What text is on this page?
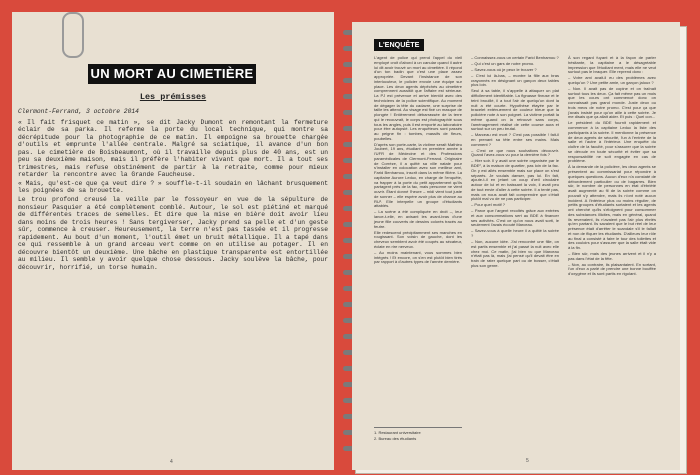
UN MORT AU CIMETIÈRE
Les prémisses

Clermont-Ferrand, 3 octobre 2014

« Il fait frisquet ce matin », se dit Jacky Dumont en remontant la fermeture éclair de sa parka. Il referme la porte du local technique, qui montre sa décrépitude pour la photographie de ce matin. Il empoigne sa brouette chargée d'outils et emprunte l'allée centrale. Malgré sa sciatique, il avance d'un bon pas. Le cimetière de Boisbeaumont, où il travaille depuis plus de 40 ans, est un peu sa deuxième maison, mais il préfère l'habiter vivant que mort. Il a tout ses trimestres, mais refuse obstinément de partir à la retraite, comme pour mieux retarder la rencontre avec la Grande Faucheuse.

« Mais, qu'est-ce que ça veut dire ? » souffle-t-il soudain en lâchant brusquement les poignées de sa brouette.

Le trou profond creusé la veille par le fossoyeur en vue de la sépulture de monsieur Pasquier a été complètement comblé. Autour, le sol est piétiné et marqué de différentes traces de semelles. Et dire que la mise en bière doit avoir lieu dans moins de trois heures ! Sans tergiverser, Jacky prend sa pelle et d'un geste sûr, commence à creuser. Heureusement, la terre n'est pas tassée et il progresse rapidement. Au bout d'un moment, l'outil émet un bruit métallique. Il a tapé dans ce qui ressemble à un grand arceau vert comme on en utilise au potager. Il en découvre bientôt un deuxième. Une bâche en plastique transparente est entortillée au milieu. Il semble y avoir quelque chose dessous. Jacky soulève la bâche, pour découvrir, horrifié, un torse humain.

4
L'ENQUÊTE

L'agent de police qui prend l'appel du vieil employé croit d'abord à un canular quand il autre lui dit avoir trouvé un mort au cimetière. Il répond d'un ton badin que c'est une place assez appropriée. Devant l'insistance de son interlocuteur, le policier envoie une équipe sur place. Les deux agents dépêchés au cimetière comprennent aussitôt que l'affaire est sérieuse. La PJ est prévenue et arrive bientôt avec des techniciens de la police scientifique. Au moment de dégager la tête du cadavre, une surprise de taille les attend. Au visage est fixé un masque de plongée ! Entièrement débarrassée de la terre qui le recouvrait, le corps est photographié sous tous les angles, puis il est emporté au laboratoire pour être autopsié. Les enquêteurs sont passés au peigne fin : tombes, massifs de fleurs, poubelles.

D'après son porte-carte, la victime serait Mathieu Joubert, 19 ans, étudiant en première année à l'UFR de Médecine et des Professions paramédicales de Clermont-Ferrand. Originaire de Corrèze, il a quitté sa ville natale pour s'installer en colocation avec son meilleur ami, Farid Benhamou, inscrit dans la même filière. La capitaine Aurore Leduc, en charge de l'enquête, va frapper à la porte du petit appartement qu'ils partagent près de la fac, mais personne ne vient ouvrir. Étant donné l'heure – midi vient tout juste de sonner – elle espère avoir plus de chance au RU¹. Elle interpelle un groupe d'étudiants attablés.

– La scène a été compliquée en droit –, leur lance-t-elle, en avisant les avant-bras d'une jeune fille couverts de dessins colorés tracés au feutre.

Elle redescend précipitamment ses manches en rougissant. Son voisin de gauche, dont les cheveux semblent avoir été coupés au sécateur, éclate en rire nerveux.

– Au moins maintenant, vous sommes bien intégrés ! Et encore, on s'en est plutôt bien tirés par rapport à d'autres types de l'année dernière.

– Connaissez-vous un certain Farid Benhamou ?

– Qui c'est un gars de notre promo.

– Savez-vous où je peux le trouver ?

– C'est lui là-bas, – montre la fille aux bras crayonnés en désignant un garçon deux tables plus loin.

Seul à sa table, il s'appelle à attaquer un plat difficilement identifiable. La flgnasse finruse et le teint brouillé, il a tout l'air de quelqu'un dont la nuit a été courte. Hypothèse étayée par le bracelet exténuement de couleur bleue que la policière note à son poignet. La victime portait la même quand on la retrouvé sans corps, l'aménagement réalisé de cette course aura et surtout sur un peu brutal.

– Marceau est mort ? C'est pas possible ! fait-il en prenant sa tête entre ses mains. Mais comment ?

– C'est ce que nous souhaitons découvrir. Quand l'avez-vous vu pour la dernière fois ?

– Hier soir. Il y avait une soirée organisée par le BDE², à la maison de quartier, pas loin de la fac. On y est allés ensemble mais sur place on s'est séparés. Je voulais danser, pas lui. En fait, ajoute-t-il en jetant un coup d'œil circulaire autour de lui et en baissant la voix, il avait peu de tout envie d'aller à cette soirée. Il a tenté pas, mais on nous avait fait comprendre que c'était plutôt mal vu de ne pas participer.

– Pour quel motif ?

– Parce que l'argent recoltés grâce aux entrées et aux consommations sert au BDE à financer ses activités. C'est ce qu'on nous avait sorti, le seulement l'avais écouté Marceau.

– Savez-vous à quelle heure il a quitté la soirée ?

– Non, aucune idée. J'ai rencontré une fille, on est partis ensemble et j'ai passé la nuit avec elle chez moi. Ce matin, j'ai bien vu que Marceau n'était pas là, mais j'ai pensé qu'il devait être en train de rater quelque part ou de bosser, c'était plus son genre.

À son regard fuyant et à la façon de parler hésitante, la capitaine a le désagréable impression que l'étudiant ment, mais elle ne veut surtout pas le braquer. Elle reprend donc :

– Votre ami avait-il eu des problèmes avec quelqu'un ? Une petite amie, un garçon jaloux ?

– Non. Il avait pas de copine et on traînait surtout tous les deux. Ça fait même pas un mois que les cours ont commencé donc on connaissait pas grand monde. Juste deux ou trois mecs de notre promo. C'est pour ça que j'avais insisté pour qu'on aille à cette soirée. Je me disais que ça allait aider. Et puis : Quel con...

Le président du BDE fournit rapidement et commence à la capitaine Leduc la liste des participants à la soirée. Il mentionne la présence de deux agents de sécurité, l'un à l'entrée de la salle et l'autre à l'intérieur. Une enquête du cloître de la faculté, pour s'assurer que la soirée se déroule en toute sécurité et éviter que sa responsabilité ne soit engagée en cas de problème.

À la demande de la policière, les deux agents se présentent au commissariat pour répondre à quelques questions. Aucun d'eux n'a constaté de débordement particulier ou de bagarres. Bien sûr, le nombre de personnes en état d'ébriété avait augmenté au fil de la soirée comme on pouvait s'y attendre, mais ils n'ont noté aucun incident. A l'intérieur plus ou moins régulier, de petits groupes d'étudiants sortaient et les agents ont cherché qu'ils s'éloignent pour consommer des substances illicites, mais en général, quand ils revenaient, ils n'avaient pas l'air plus ébriés qu'en partant. Ils savaient que le but réel de leur présence était d'arrêter le scandale s'il le fallait et non de fliquer les étudiants. D'ailleurs leur rôle au final a consisté à faire le tour des toilettes et des couloirs pour s'assurer que la salle était vide à la fin.

– Bien sûr, mais des jeunes arrivent et il n'y a pas dans l'état de la fête.

– Non, au contraire, ils plaisantaient. En sortant, l'un d'eux a parlé de prendre une bonne bouffée d'oxygène et ils sont partis en rigolant.

1. Restaurant universitaire
2. Bureau des étudiants
5
